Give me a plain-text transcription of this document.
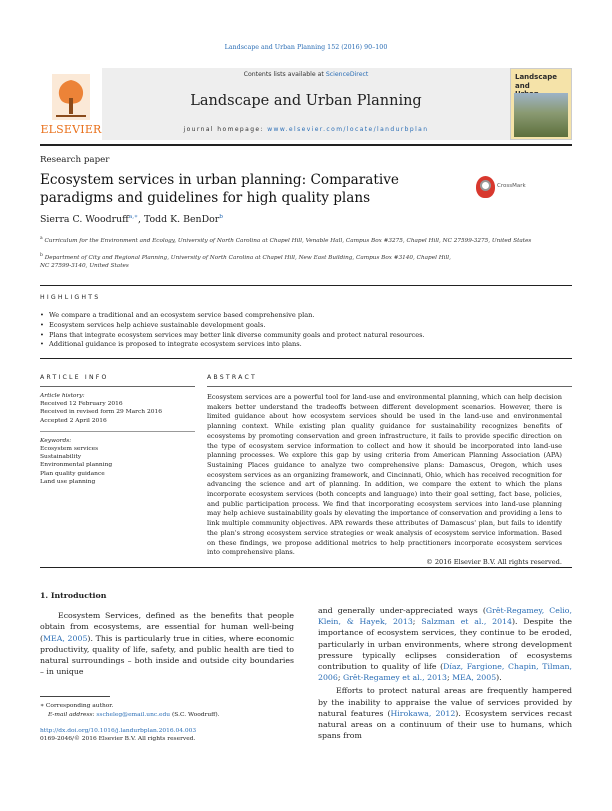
Landscape and Urban Planning 152 (2016) 90–100
ELSEVIER
Contents lists available at ScienceDirect
Landscape and Urban Planning
journal homepage: www.elsevier.com/locate/landurbplan
Landscape and
Research paper
Ecosystem services in urban planning: Comparative paradigms and guidelines for high quality plans
CrossMark
Sierra C. Woodruff$^{a,∗}$, Todd K. BenDor$^b$
$^a$ Curriculum for the Environment and Ecology, University of North Carolina at Chapel Hill, Venable Hall, Campus Box #3275, Chapel Hill, NC 27599-3275, United States
$^b$ Department of City and Regional Planning, University of North Carolina at Chapel Hill, New East Building, Campus Box #3140, Chapel Hill, NC 27599-3140, United States
HIGHLIGHTS
• We compare a traditional and an ecosystem service based comprehensive plan.
• Ecosystem services help achieve sustainable development goals.
• Plans that integrate ecosystem services may better link diverse community goals and protect natural resources.
• Additional guidance is proposed to integrate ecosystem services into plans.
ARTICLE INFO	ABSTRACT
Article history:
Received 12 February 2016
Received in revised form 29 March 2016
Accepted 2 April 2016
Keywords:
Ecosystem services
Sustainability
Environmental planning
Plan quality guidance
Land use planning
Ecosystem services are a powerful tool for land-use and environmental planning, which can help decision makers better understand the tradeoffs between different development scenarios. However, there is limited guidance about how ecosystem services should be used in the land-use and environmental planning context. While existing plan quality guidance for sustainability recognizes benefits of ecosystems by promoting conservation and green infrastructure, it fails to provide specific direction on the type of ecosystem service information to collect and how it should be incorporated into land-use planning processes. We explore this gap by using criteria from American Planning Association (APA) Sustaining Places guidance to analyze two comprehensive plans: Damascus, Oregon, which uses ecosystem services as an organizing framework, and Cincinnati, Ohio, which has received recognition for advancing the science and art of planning. In addition, we compare the extent to which the plans incorporate ecosystem services (both concepts and language) into their goal setting, fact base, policies, and public participation process. We find that incorporating ecosystem services into land-use planning may help achieve sustainability goals by elevating the importance of conservation and providing a lens to link multiple community objectives. APA rewards these attributes of Damascus' plan, but fails to identify the plan's strong ecosystem service strategies or weak analysis of ecosystem service information. Based on these findings, we propose additional metrics to help practitioners incorporate ecosystem services into comprehensive plans.
© 2016 Elsevier B.V. All rights reserved.
1. Introduction
Ecosystem Services, defined as the benefits that people obtain from ecosystems, are essential for human well-being (MEA, 2005). This is particularly true in cities, where economic productivity, quality of life, safety, and public health are tied to natural surroundings – both inside and outside city boundaries – in unique
and generally under-appreciated ways (Grêt-Regamey, Celio, Klein, & Hayek, 2013; Salzman et al., 2014). Despite the importance of ecosystem services, they continue to be eroded, particularly in urban environments, where strong development pressure typically eclipses consideration of ecosystems contribution to quality of life (Díaz, Fargione, Chapin, Tilman, 2006; Grêt-Regamey et al., 2013; MEA, 2005).
Efforts to protect natural areas are frequently hampered by the inability to appraise the value of services provided by natural features (Hirokawa, 2012). Ecosystem services recast natural areas on a continuum of their use to humans, which spans from
∗ Corresponding author.
E-mail address: sscheleg@email.unc.edu (S.C. Woodruff).
http://dx.doi.org/10.1016/j.landurbplan.2016.04.003
0169-2046/© 2016 Elsevier B.V. All rights reserved.
